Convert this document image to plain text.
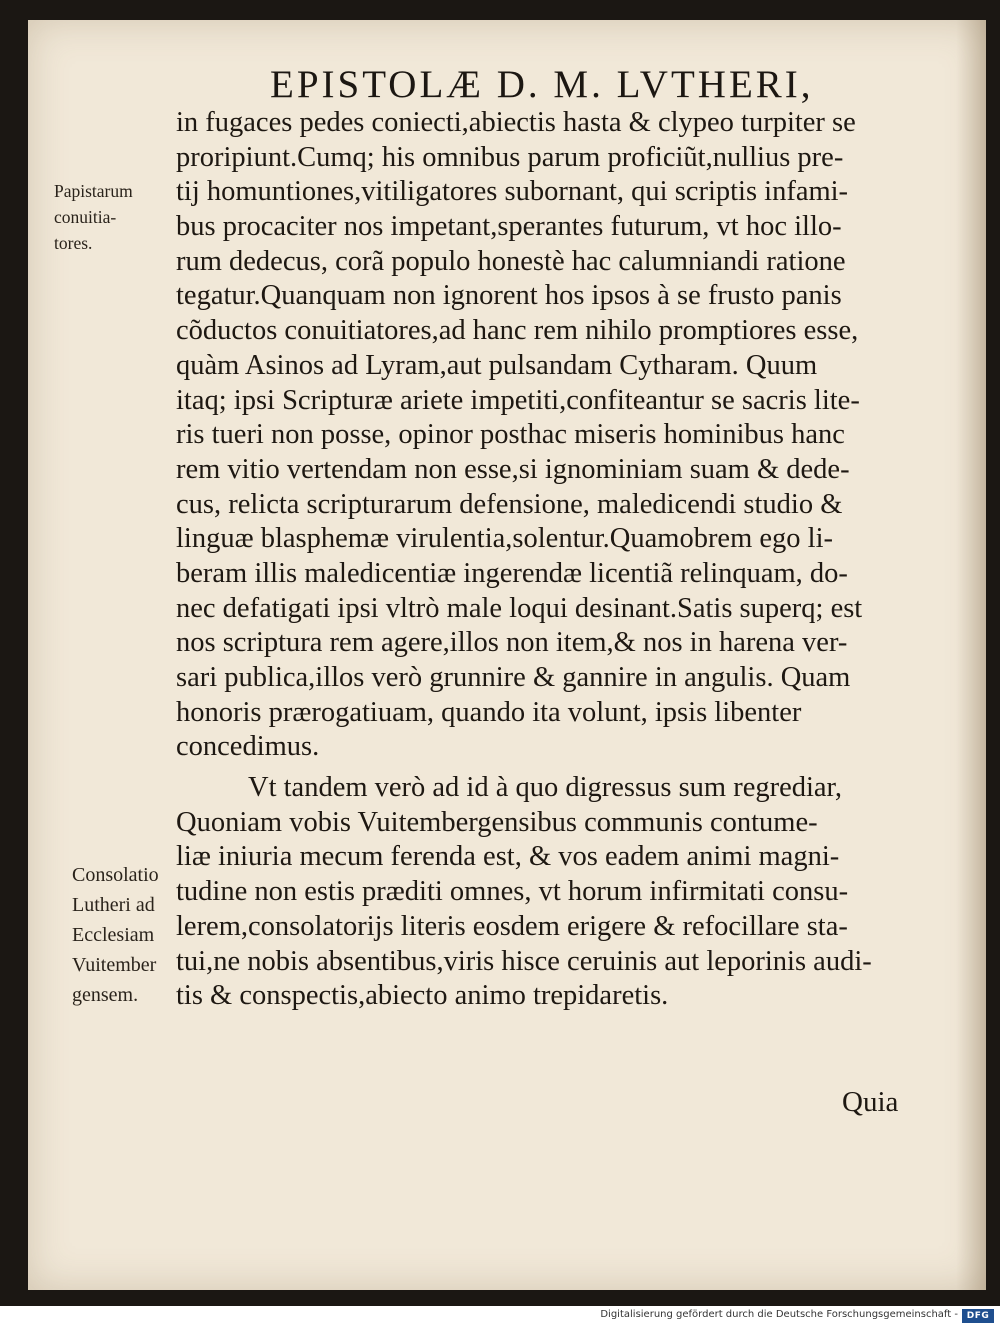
EPISTOLÆ D. M. LVTHERI,
Papistarum
conuitia-
tores.
Consolatio
Lutheri ad
Ecclesiam
Vuitember
gensem.
in fugaces pedes coniecti,abiectis hasta & clypeo turpiter se
proripiunt.Cumq; his omnibus parum proficiũt,nullius pre-
tij homuntiones,vitiligatores subornant, qui scriptis infami-
bus procaciter nos impetant,sperantes futurum, vt hoc illo-
rum dedecus, corã populo honestè hac calumniandi ratione
tegatur.Quanquam non ignorent hos ipsos à se frusto panis
cõductos conuitiatores,ad hanc rem nihilo promptiores esse,
quàm Asinos ad Lyram,aut pulsandam Cytharam. Quum
itaq; ipsi Scripturæ ariete impetiti,confiteantur se sacris lite-
ris tueri non posse, opinor posthac miseris hominibus hanc
rem vitio vertendam non esse,si ignominiam suam & dede-
cus, relicta scripturarum defensione, maledicendi studio &
linguæ blasphemæ virulentia,solentur.Quamobrem ego li-
beram illis maledicentiæ ingerendæ licentiã relinquam, do-
nec defatigati ipsi vltrò male loqui desinant.Satis superq; est
nos scriptura rem agere,illos non item,& nos in harena ver-
sari publica,illos verò grunnire & gannire in angulis. Quam
honoris prærogatiuam, quando ita volunt, ipsis libenter
concedimus.
Vt tandem verò ad id à quo digressus sum regrediar,
Quoniam vobis Vuitembergensibus communis contume-
liæ iniuria mecum ferenda est, & vos eadem animi magni-
tudine non estis præditi omnes, vt horum infirmitati consu-
lerem,consolatorijs literis eosdem erigere & refocillare sta-
tui,ne nobis absentibus,viris hisce ceruinis aut leporinis audi-
tis & conspectis,abiecto animo trepidaretis.
Quia
Digitalisierung gefördert durch die Deutsche Forschungsgemeinschaft - DFG
